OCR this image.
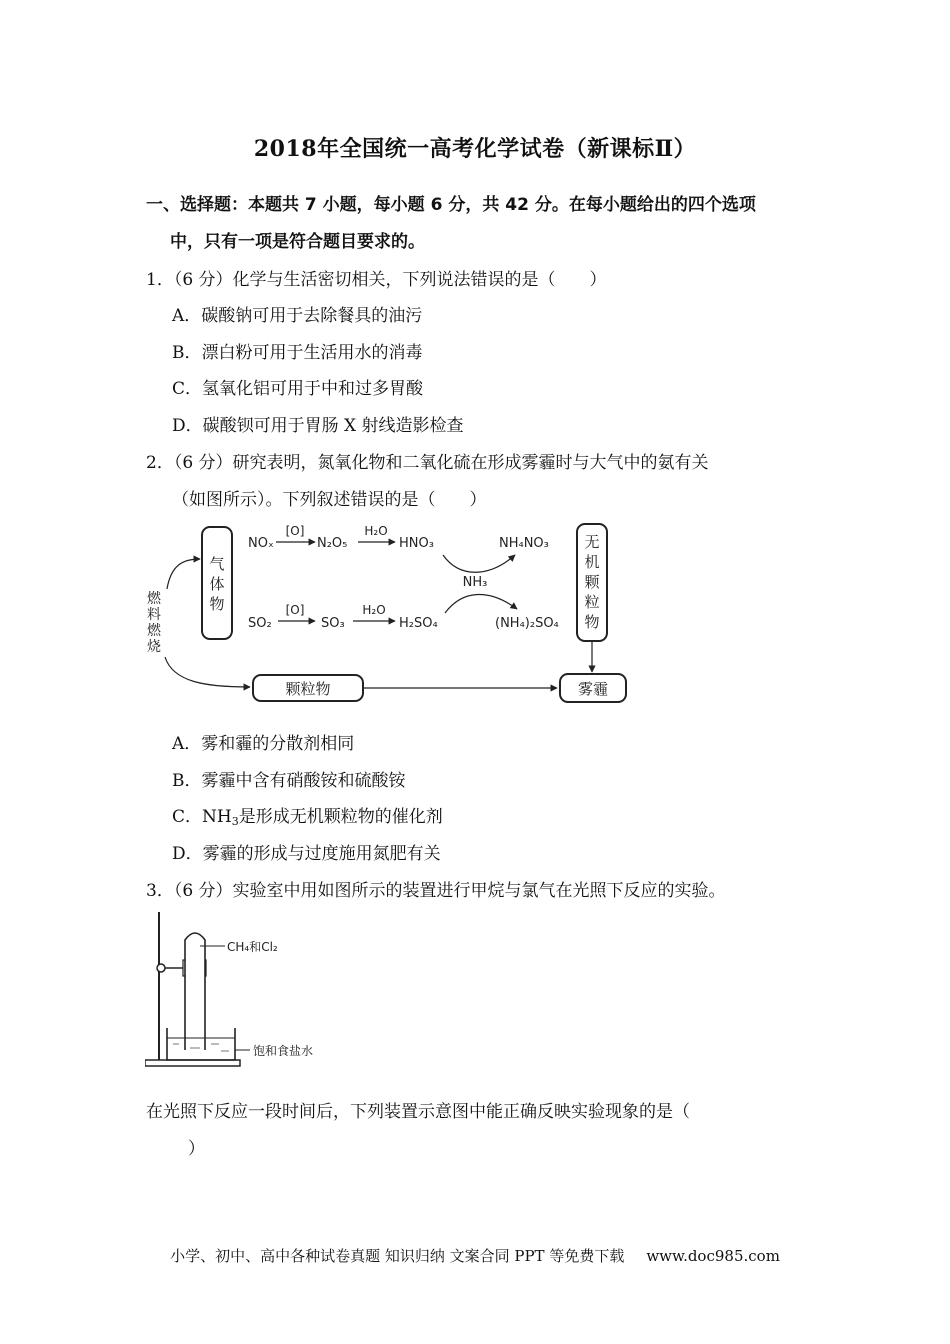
2018年全国统一高考化学试卷（新课标Ⅱ）
一、选择题：本题共 7 小题，每小题 6 分，共 42 分。在每小题给出的四个选项
中，只有一项是符合题目要求的。
1．（6 分）化学与生活密切相关，下列说法错误的是（　　）
A．碳酸钠可用于去除餐具的油污
B．漂白粉可用于生活用水的消毒
C．氢氧化铝可用于中和过多胃酸
D．碳酸钡可用于胃肠 X 射线造影检查
2．（6 分）研究表明，氮氧化物和二氧化硫在形成雾霾时与大气中的氨有关
（如图所示）。下列叙述错误的是（　　）
气
体
物
燃
料
燃
烧
NOₓ
[O]
N₂O₅
H₂O
HNO₃	NH₄NO₃
NH₃
SO₂
[O]
SO₃
H₂O
H₂SO₄	(NH₄)₂SO₄
无
机
颗
粒
物
颗粒物	雾霾
A．雾和霾的分散剂相同
B．雾霾中含有硝酸铵和硫酸铵
C．$NH_3$是形成无机颗粒物的催化剂
D．雾霾的形成与过度施用氮肥有关
3．（6 分）实验室中用如图所示的装置进行甲烷与氯气在光照下反应的实验。
CH₄和Cl₂
饱和食盐水
在光照下反应一段时间后，下列装置示意图中能正确反映实验现象的是（
）
小学、初中、高中各种试卷真题 知识归纳 文案合同 PPT 等免费下载 www.doc985.com
